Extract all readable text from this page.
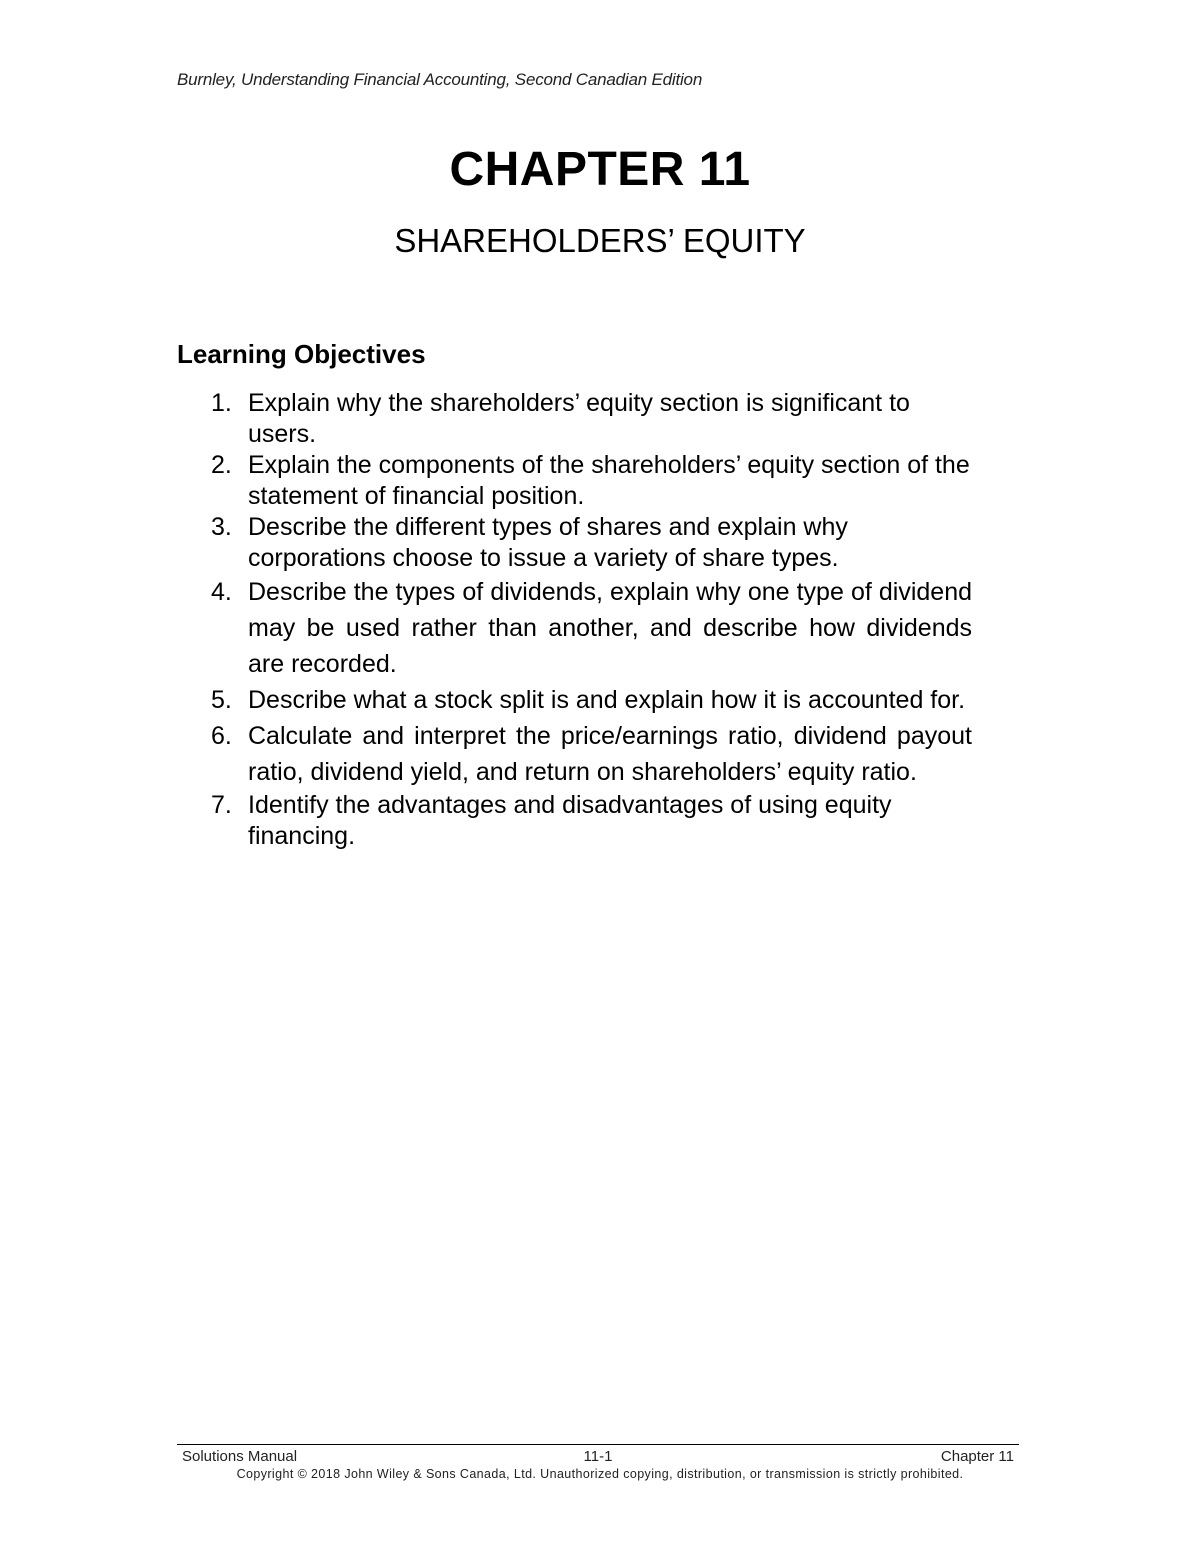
Burnley, Understanding Financial Accounting, Second Canadian Edition
CHAPTER 11
SHAREHOLDERS’ EQUITY
Learning Objectives
1. Explain why the shareholders’ equity section is significant to users.
2. Explain the components of the shareholders’ equity section of the statement of financial position.
3. Describe the different types of shares and explain why corporations choose to issue a variety of share types.
4. Describe the types of dividends, explain why one type of dividend may be used rather than another, and describe how dividends are recorded.
5. Describe what a stock split is and explain how it is accounted for.
6. Calculate and interpret the price/earnings ratio, dividend payout ratio, dividend yield, and return on shareholders’ equity ratio.
7. Identify the advantages and disadvantages of using equity financing.
Solutions Manual	11-1	Chapter 11
Copyright © 2018 John Wiley & Sons Canada, Ltd. Unauthorized copying, distribution, or transmission is strictly prohibited.
